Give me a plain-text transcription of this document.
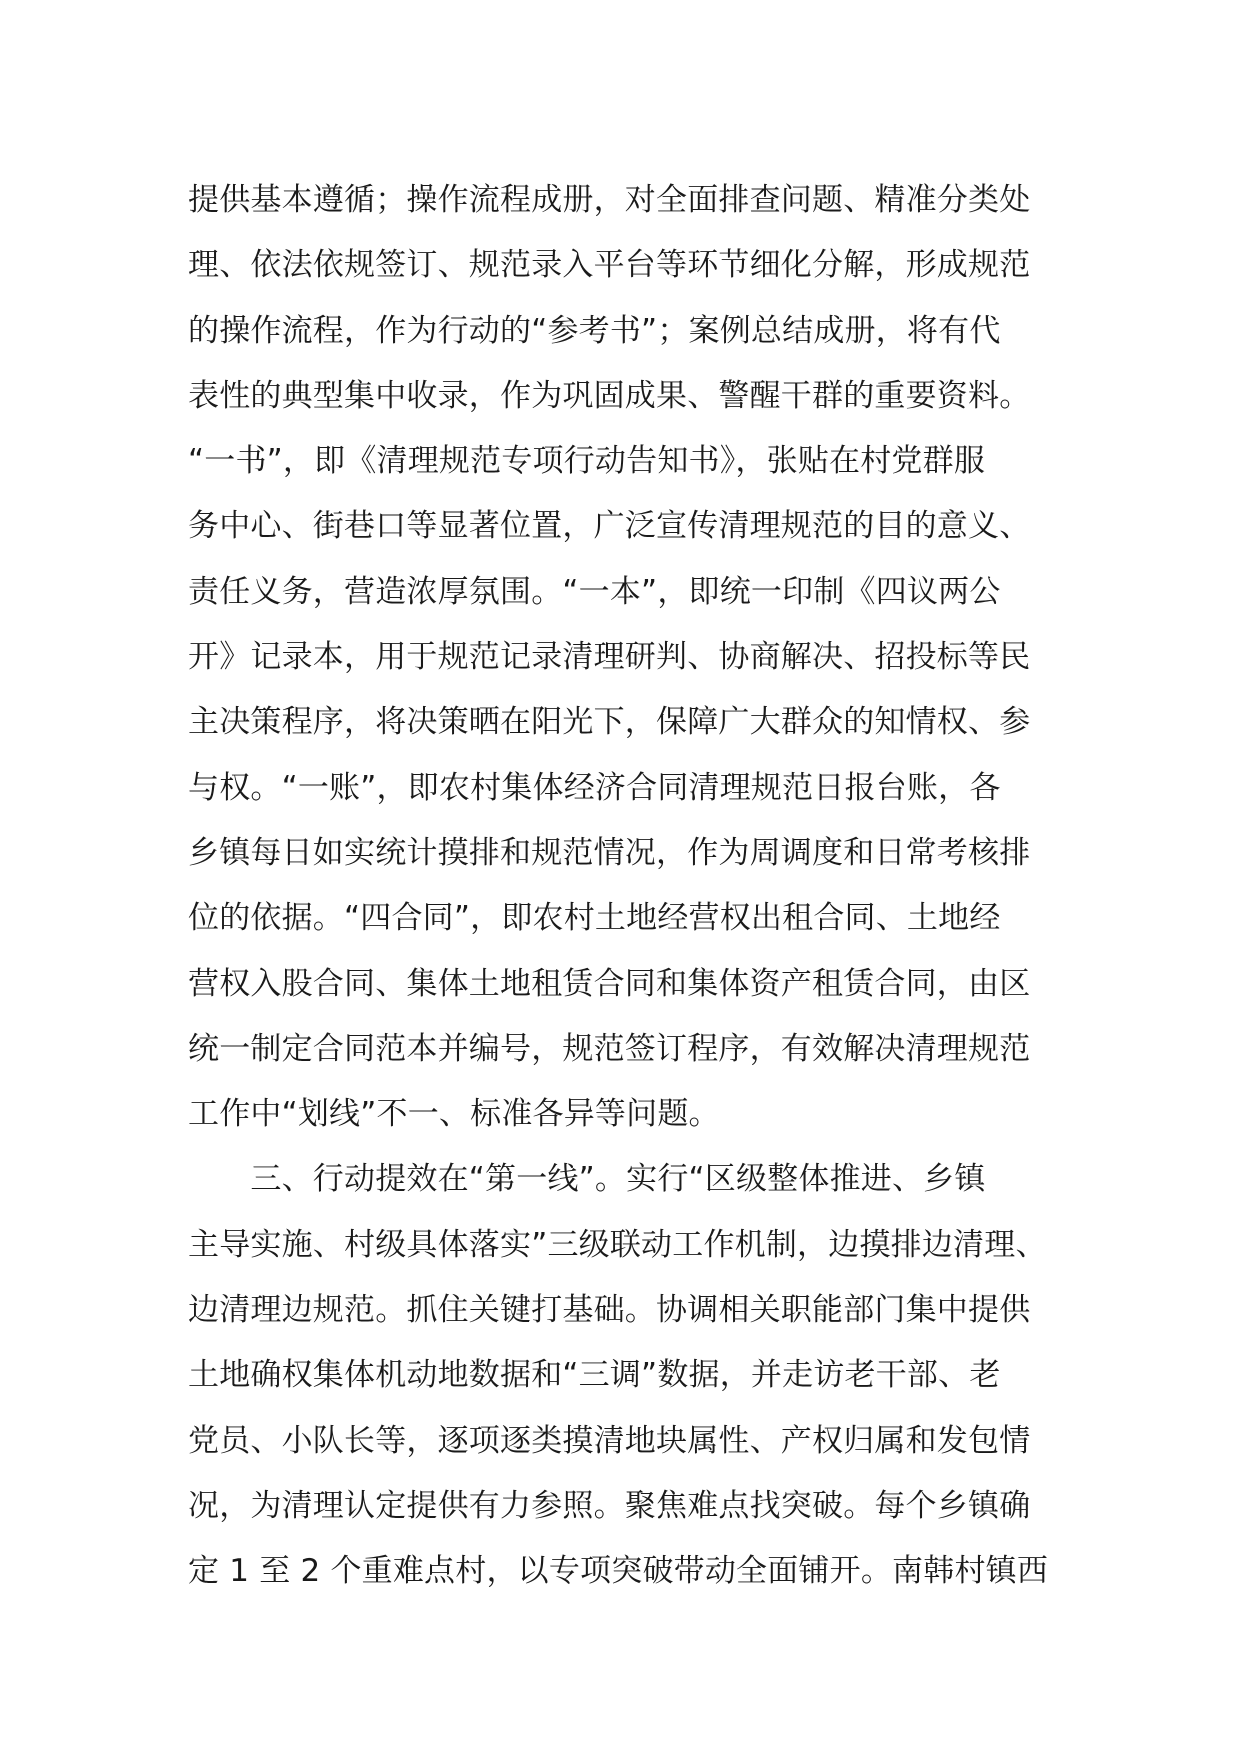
提供基本遵循；操作流程成册，对全面排查问题、精准分类处
理、依法依规签订、规范录入平台等环节细化分解，形成规范
的操作流程，作为行动的“参考书”；案例总结成册，将有代
表性的典型集中收录，作为巩固成果、警醒干群的重要资料。
“一书”，即《清理规范专项行动告知书》，张贴在村党群服
务中心、街巷口等显著位置，广泛宣传清理规范的目的意义、
责任义务，营造浓厚氛围。“一本”，即统一印制《四议两公
开》记录本，用于规范记录清理研判、协商解决、招投标等民
主决策程序，将决策晒在阳光下，保障广大群众的知情权、参
与权。“一账”，即农村集体经济合同清理规范日报台账，各
乡镇每日如实统计摸排和规范情况，作为周调度和日常考核排
位的依据。“四合同”，即农村土地经营权出租合同、土地经
营权入股合同、集体土地租赁合同和集体资产租赁合同，由区
统一制定合同范本并编号，规范签订程序，有效解决清理规范
工作中“划线”不一、标准各异等问题。
　　三、行动提效在“第一线”。实行“区级整体推进、乡镇
主导实施、村级具体落实”三级联动工作机制，边摸排边清理、
边清理边规范。抓住关键打基础。协调相关职能部门集中提供
土地确权集体机动地数据和“三调”数据，并走访老干部、老
党员、小队长等，逐项逐类摸清地块属性、产权归属和发包情
况，为清理认定提供有力参照。聚焦难点找突破。每个乡镇确
定 1 至 2 个重难点村，以专项突破带动全面铺开。南韩村镇西
